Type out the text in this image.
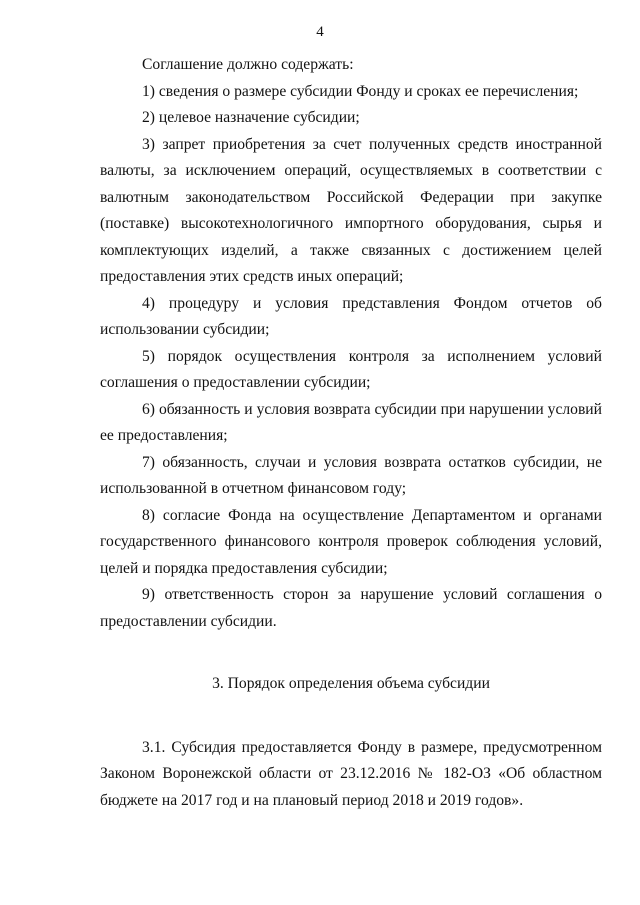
4

Соглашение должно содержать:

1) сведения о размере субсидии Фонду и сроках ее перечисления;

2) целевое назначение субсидии;

3) запрет приобретения за счет полученных средств иностранной валюты, за исключением операций, осуществляемых в соответствии с валютным законодательством Российской Федерации при закупке (поставке) высокотехнологичного импортного оборудования, сырья и комплектующих изделий, а также связанных с достижением целей предоставления этих средств иных операций;

4) процедуру и условия представления Фондом отчетов об использовании субсидии;

5) порядок осуществления контроля за исполнением условий соглашения о предоставлении субсидии;

6) обязанность и условия возврата субсидии при нарушении условий ее предоставления;

7) обязанность, случаи и условия возврата остатков субсидии, не использованной в отчетном финансовом году;

8) согласие Фонда на осуществление Департаментом и органами государственного финансового контроля проверок соблюдения условий, целей и порядка предоставления субсидии;

9) ответственность сторон за нарушение условий соглашения о предоставлении субсидии.

3. Порядок определения объема субсидии

3.1. Субсидия предоставляется Фонду в размере, предусмотренном Законом Воронежской области от 23.12.2016 № 182-ОЗ «Об областном бюджете на 2017 год и на плановый период 2018 и 2019 годов».
